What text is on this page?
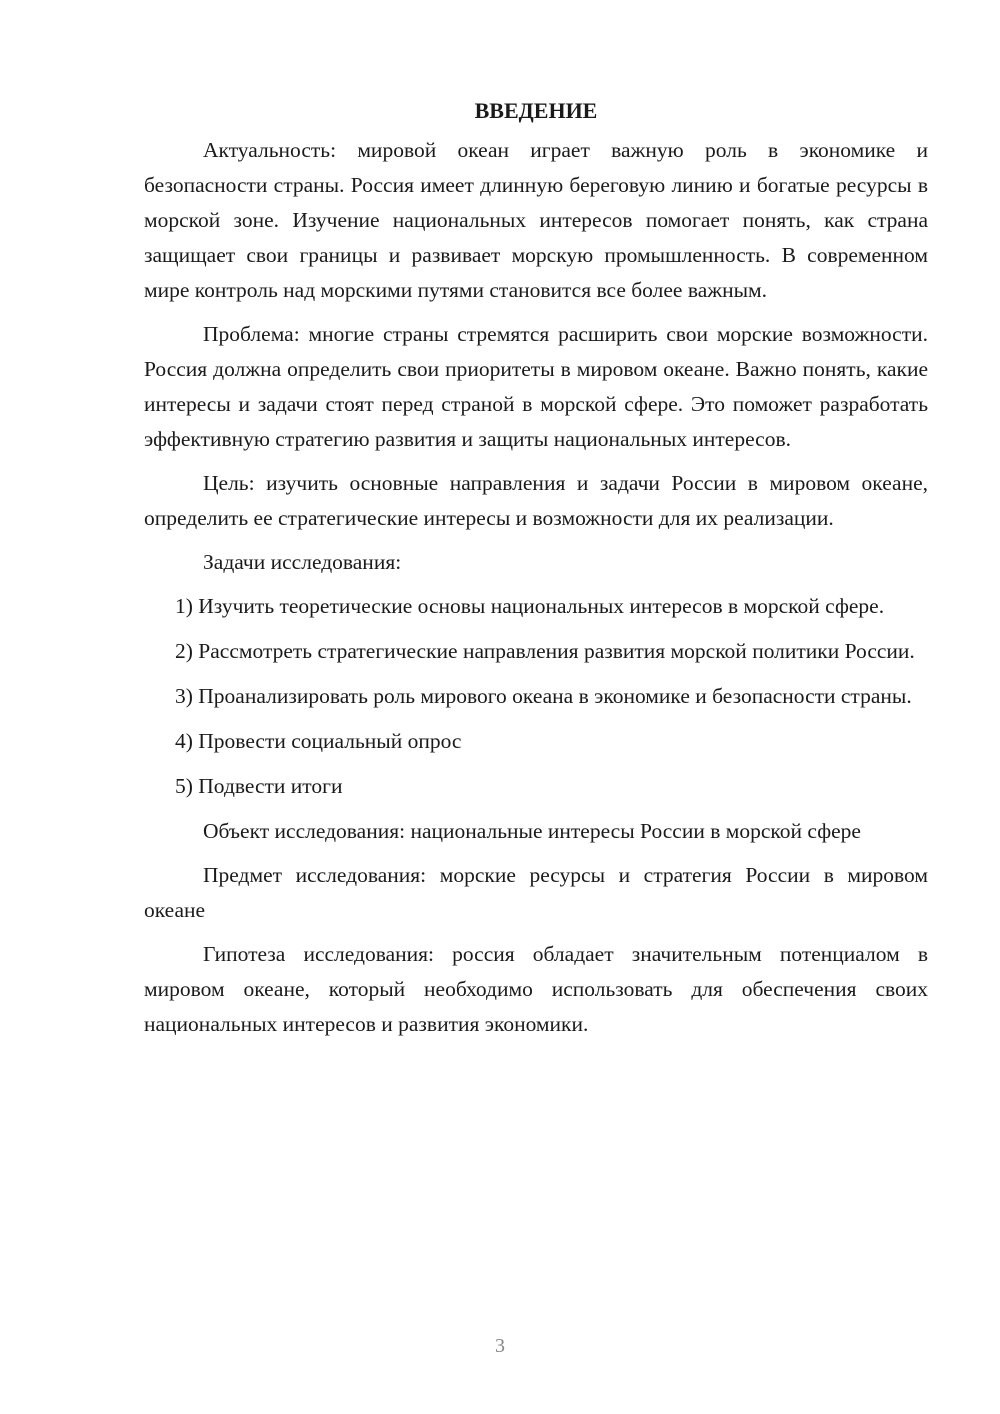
ВВЕДЕНИЕ

Актуальность: мировой океан играет важную роль в экономике и безопасности страны. Россия имеет длинную береговую линию и богатые ресурсы в морской зоне. Изучение национальных интересов помогает понять, как страна защищает свои границы и развивает морскую промышленность. В современном мире контроль над морскими путями становится все более важным.

Проблема: многие страны стремятся расширить свои морские возможности. Россия должна определить свои приоритеты в мировом океане. Важно понять, какие интересы и задачи стоят перед страной в морской сфере. Это поможет разработать эффективную стратегию развития и защиты национальных интересов.

Цель: изучить основные направления и задачи России в мировом океане, определить ее стратегические интересы и возможности для их реализации.

Задачи исследования:

1) Изучить теоретические основы национальных интересов в морской сфере.

2) Рассмотреть стратегические направления развития морской политики России.

3) Проанализировать роль мирового океана в экономике и безопасности страны.

4) Провести социальный опрос

5) Подвести итоги

Объект исследования: национальные интересы России в морской сфере

Предмет исследования: морские ресурсы и стратегия России в мировом океане

Гипотеза исследования: россия обладает значительным потенциалом в мировом океане, который необходимо использовать для обеспечения своих национальных интересов и развития экономики.

3
